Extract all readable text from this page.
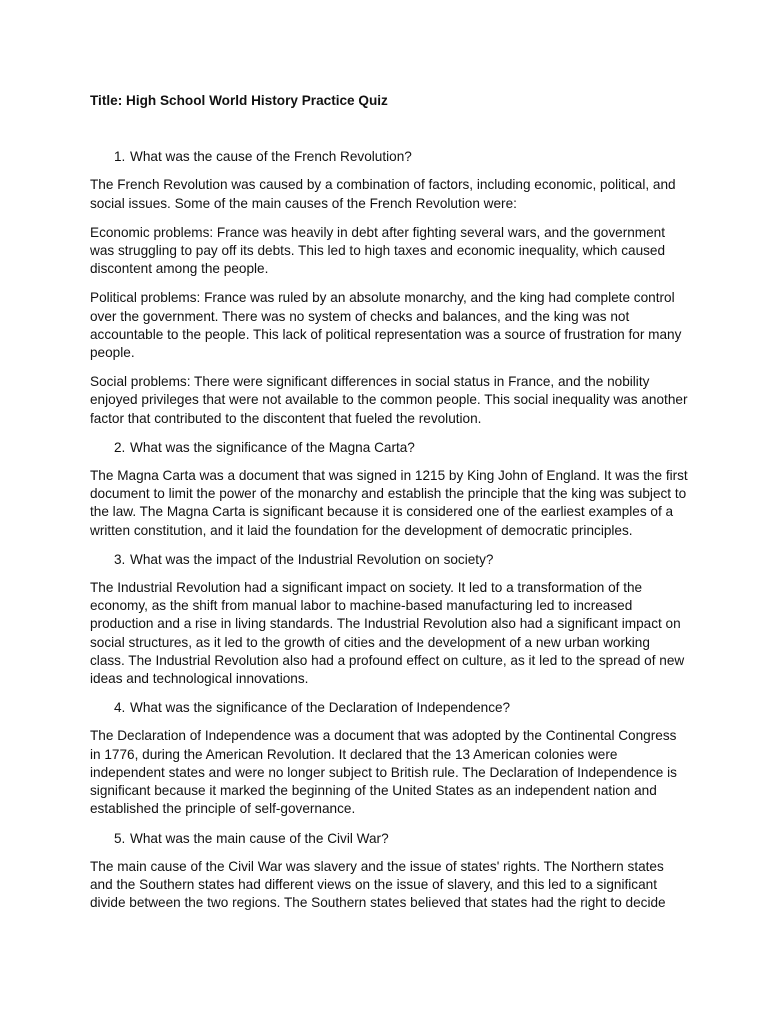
Title: High School World History Practice Quiz
1. What was the cause of the French Revolution?

The French Revolution was caused by a combination of factors, including economic, political, and social issues. Some of the main causes of the French Revolution were:

Economic problems: France was heavily in debt after fighting several wars, and the government was struggling to pay off its debts. This led to high taxes and economic inequality, which caused discontent among the people.

Political problems: France was ruled by an absolute monarchy, and the king had complete control over the government. There was no system of checks and balances, and the king was not accountable to the people. This lack of political representation was a source of frustration for many people.

Social problems: There were significant differences in social status in France, and the nobility enjoyed privileges that were not available to the common people. This social inequality was another factor that contributed to the discontent that fueled the revolution.

2. What was the significance of the Magna Carta?

The Magna Carta was a document that was signed in 1215 by King John of England. It was the first document to limit the power of the monarchy and establish the principle that the king was subject to the law. The Magna Carta is significant because it is considered one of the earliest examples of a written constitution, and it laid the foundation for the development of democratic principles.

3. What was the impact of the Industrial Revolution on society?

The Industrial Revolution had a significant impact on society. It led to a transformation of the economy, as the shift from manual labor to machine-based manufacturing led to increased production and a rise in living standards. The Industrial Revolution also had a significant impact on social structures, as it led to the growth of cities and the development of a new urban working class. The Industrial Revolution also had a profound effect on culture, as it led to the spread of new ideas and technological innovations.

4. What was the significance of the Declaration of Independence?

The Declaration of Independence was a document that was adopted by the Continental Congress in 1776, during the American Revolution. It declared that the 13 American colonies were independent states and were no longer subject to British rule. The Declaration of Independence is significant because it marked the beginning of the United States as an independent nation and established the principle of self-governance.

5. What was the main cause of the Civil War?

The main cause of the Civil War was slavery and the issue of states' rights. The Northern states and the Southern states had different views on the issue of slavery, and this led to a significant divide between the two regions. The Southern states believed that states had the right to decide
